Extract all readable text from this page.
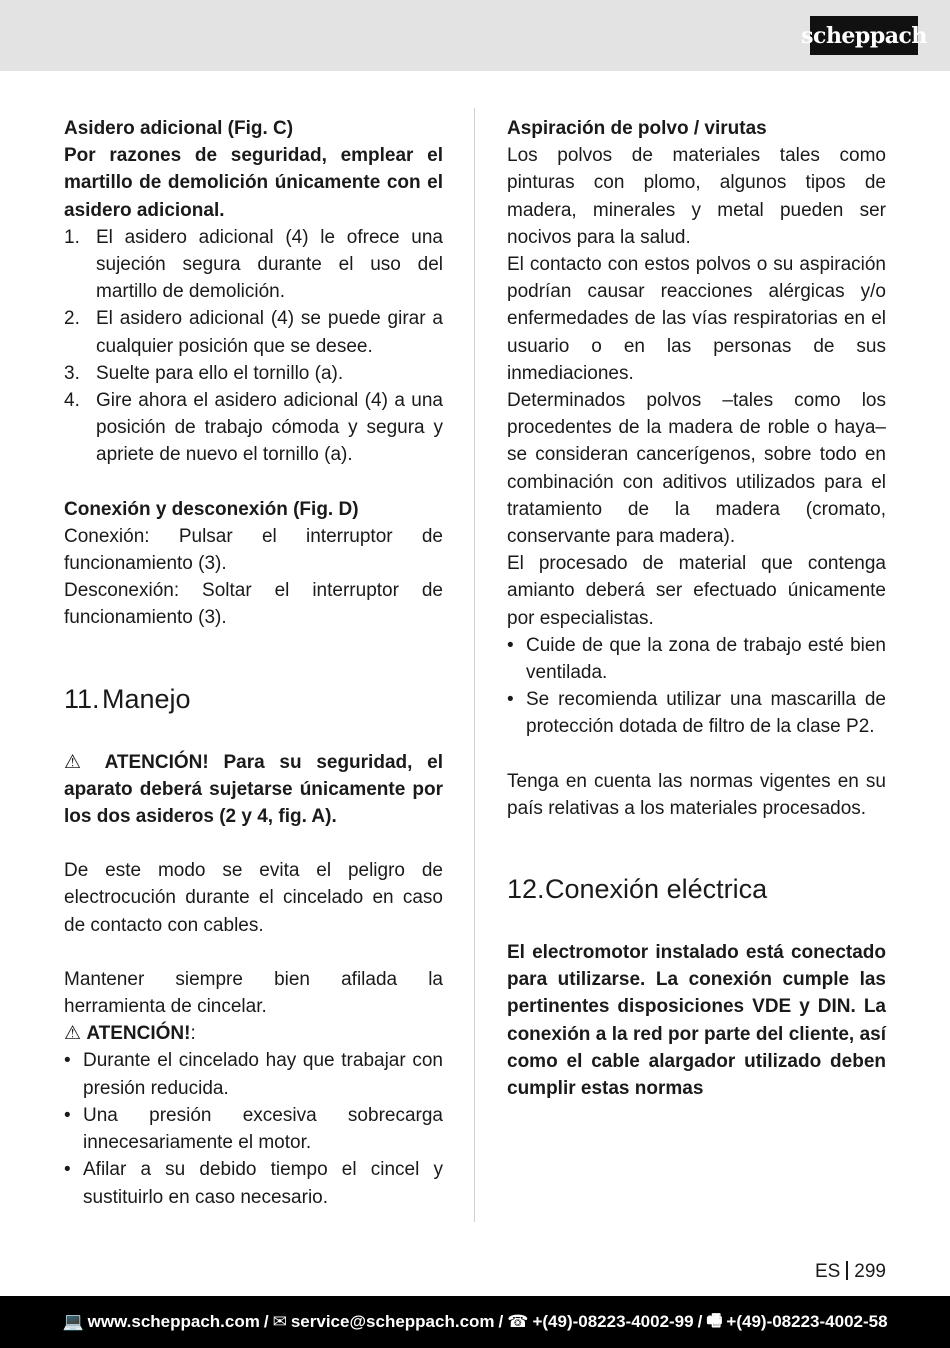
scheppach

Asidero adicional (Fig. C)

Por razones de seguridad, emplear el martillo de demolición únicamente con el asidero adicional.

1. El asidero adicional (4) le ofrece una sujeción segura durante el uso del martillo de demolición.
2. El asidero adicional (4) se puede girar a cualquier posición que se desee.
3. Suelte para ello el tornillo (a).
4. Gire ahora el asidero adicional (4) a una posición de trabajo cómoda y segura y apriete de nuevo el tornillo (a).

Conexión y desconexión (Fig. D)

Conexión: Pulsar el interruptor de funcionamiento (3).

Desconexión: Soltar el interruptor de funcionamiento (3).

11. Manejo

⚠ ATENCIÓN! Para su seguridad, el aparato deberá sujetarse únicamente por los dos asideros (2 y 4, fig. A).

De este modo se evita el peligro de electrocución durante el cincelado en caso de contacto con cables.

Mantener siempre bien afilada la herramienta de cincelar.

⚠ ATENCIÓN!:

• Durante el cincelado hay que trabajar con presión reducida.
• Una presión excesiva sobrecarga innecesariamente el motor.
• Afilar a su debido tiempo el cincel y sustituirlo en caso necesario.

Aspiración de polvo / virutas

Los polvos de materiales tales como pinturas con plomo, algunos tipos de madera, minerales y metal pueden ser nocivos para la salud.

El contacto con estos polvos o su aspiración podrían causar reacciones alérgicas y/o enfermedades de las vías respiratorias en el usuario o en las personas de sus inmediaciones.

Determinados polvos –tales como los procedentes de la madera de roble o haya– se consideran cancerígenos, sobre todo en combinación con aditivos utilizados para el tratamiento de la madera (cromato, conservante para madera).

El procesado de material que contenga amianto deberá ser efectuado únicamente por especialistas.

• Cuide de que la zona de trabajo esté bien ventilada.
• Se recomienda utilizar una mascarilla de protección dotada de filtro de la clase P2.

Tenga en cuenta las normas vigentes en su país relativas a los materiales procesados.

12. Conexión eléctrica

El electromotor instalado está conectado para utilizarse. La conexión cumple las pertinentes disposiciones VDE y DIN. La conexión a la red por parte del cliente, así como el cable alargador utilizado deben cumplir estas normas

ES 299
💻 www.scheppach.com / ✉ service@scheppach.com / ☎ +(49)-08223-4002-99 / 🖷 +(49)-08223-4002-58
